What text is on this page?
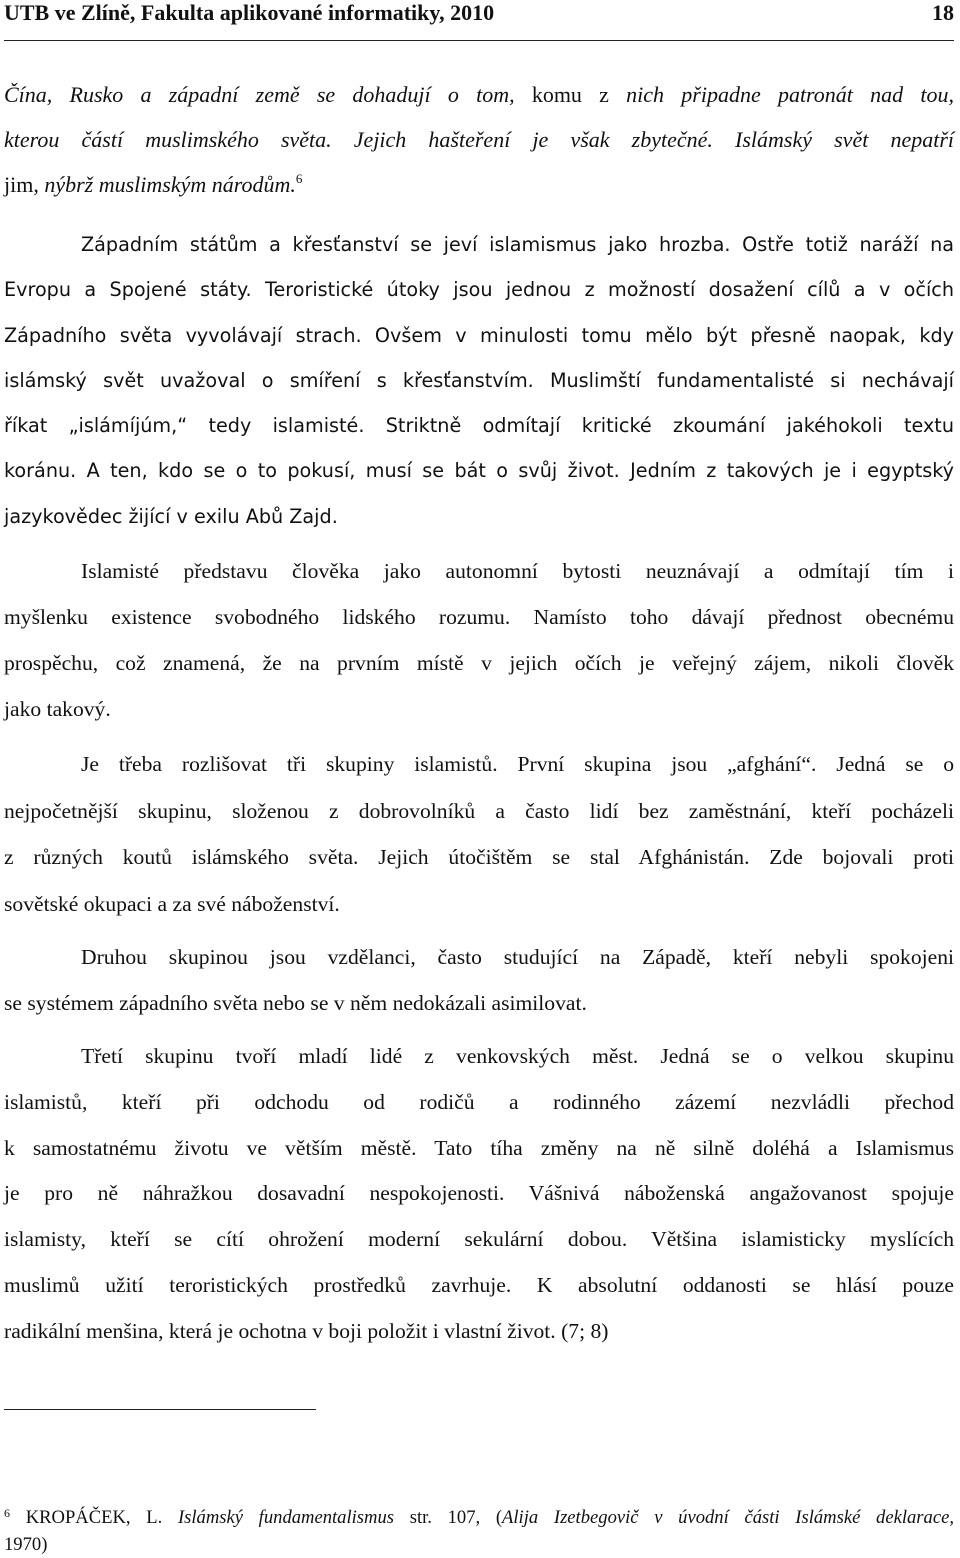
UTB ve Zlíně, Fakulta aplikované informatiky, 2010	18
Čína, Rusko a západní země se dohadují o tom, komu z nich připadne patronát nad tou,
kterou částí muslimského světa. Jejich hašteření je však zbytečné. Islámský svět nepatří
jim, nýbrž muslimským národům.$^6$
Západním státům a křesťanství se jeví islamismus jako hrozba. Ostře totiž naráží na
Evropu a Spojené státy. Teroristické útoky jsou jednou z možností dosažení cílů a v očích
Západního světa vyvolávají strach. Ovšem v minulosti tomu mělo být přesně naopak, kdy
islámský svět uvažoval o smíření s křesťanstvím. Muslimští fundamentalisté si nechávají
říkat „islámíjúm,“ tedy islamisté. Striktně odmítají kritické zkoumání jakéhokoli textu
koránu. A ten, kdo se o to pokusí, musí se bát o svůj život. Jedním z takových je i egyptský
jazykovědec žijící v exilu Abů Zajd.
Islamisté představu člověka jako autonomní bytosti neuznávají a odmítají tím i
myšlenku existence svobodného lidského rozumu. Namísto toho dávají přednost obecnému
prospěchu, což znamená, že na prvním místě v jejich očích je veřejný zájem, nikoli člověk
jako takový.
Je třeba rozlišovat tři skupiny islamistů. První skupina jsou „afghání“. Jedná se o
nejpočetnější skupinu, složenou z dobrovolníků a často lidí bez zaměstnání, kteří pocházeli
z různých koutů islámského světa. Jejich útočištěm se stal Afghánistán. Zde bojovali proti
sovětské okupaci a za své náboženství.
Druhou skupinou jsou vzdělanci, často studující na Západě, kteří nebyli spokojeni
se systémem západního světa nebo se v něm nedokázali asimilovat.
Třetí skupinu tvoří mladí lidé z venkovských měst. Jedná se o velkou skupinu
islamistů, kteří při odchodu od rodičů a rodinného zázemí nezvládli přechod
k samostatnému životu ve větším městě. Tato tíha změny na ně silně doléhá a Islamismus
je pro ně náhražkou dosavadní nespokojenosti. Vášnivá náboženská angažovanost spojuje
islamisty, kteří se cítí ohrožení moderní sekulární dobou. Většina islamisticky myslících
muslimů užití teroristických prostředků zavrhuje. K absolutní oddanosti se hlásí pouze
radikální menšina, která je ochotna v boji položit i vlastní život. (7; 8)
$^6$ KROPÁČEK, L. Islámský fundamentalismus str. 107, (Alija Izetbegovič v úvodní části Islámské deklarace,
1970)
